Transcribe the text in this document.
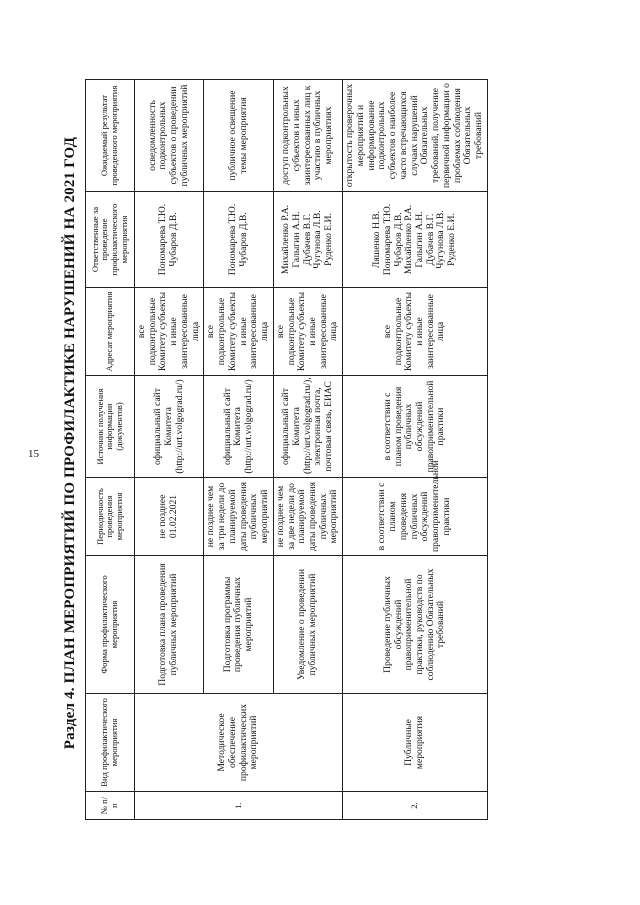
15 Раздел 4. ПЛАН МЕРОПРИЯТИЙ ПО ПРОФИЛАКТИКЕ НАРУШЕНИЙ НА 2021 ГОД
№ п/п	Вид профилактического мероприятия	Форма профилактического мероприятия	Периодичность проведения мероприятия	Источник получения информации (документов)	Адресат мероприятия	Ответственные за проведение профилактического мероприятия	Ожидаемый результат проведенного мероприятия
1.	Методическое обеспечение профилактических мероприятий	Подготовка плана проведения публичных мероприятий	не позднее 01.02.2021	официальный сайт Комитета (http://urt.volgograd.ru/)	все подконтрольные Комитету субъекты и иные заинтересованные лица	Пономарева Т.Ю. Чубаров Д.В.	осведомленность подконтрольных субъектов о проведении публичных мероприятий
		Подготовка программы проведения публичных мероприятий	не позднее чем за три недели до планируемой даты проведения публичных мероприятий	официальный сайт Комитета (http://urt.volgograd.ru/)	все подконтрольные Комитету субъекты и иные заинтересованные лица	Пономарева Т.Ю. Чубаров Д.В.	публичное освещение темы мероприятия
		Уведомление о проведении публичных мероприятий	не позднее чем за две недели до планируемой даты проведения публичных мероприятий	официальный сайт Комитета (http://urt.volgograd.ru/), электронная почта, почтовая связь, ЕИАС	все подконтрольные Комитету субъекты и иные заинтересованные лица	Михайленко Р.А. Галыгин А.Н. Дубачев В.Г. Чугунова Л.В. Руденко Е.И.	доступ подконтрольных субъектов и иных заинтересованных лиц к участию в публичных мероприятиях
2.	Публичные мероприятия	Проведение публичных обсуждений правоприменительной практики, руководств по соблюдению Обязательных требований	в соответствии с планом проведения публичных обсуждений правоприменительной практики	в соответствии с планом проведения публичных обсуждений правоприменительной практики	все подконтрольные Комитету субъекты и иные заинтересованные лица	Ляшенко Н.В. Пономарева Т.Ю. Чубаров Д.В. Михайленко Р.А. Галыгин А.Н. Дубачев В.Г. Чугунова Л.В. Руденко Е.И.	открытость проверочных мероприятий и информирование подконтрольных субъектов о наиболее часто встречающихся случаях нарушений Обязательных требований, получение первичной информации о проблемах соблюдения Обязательных требований
